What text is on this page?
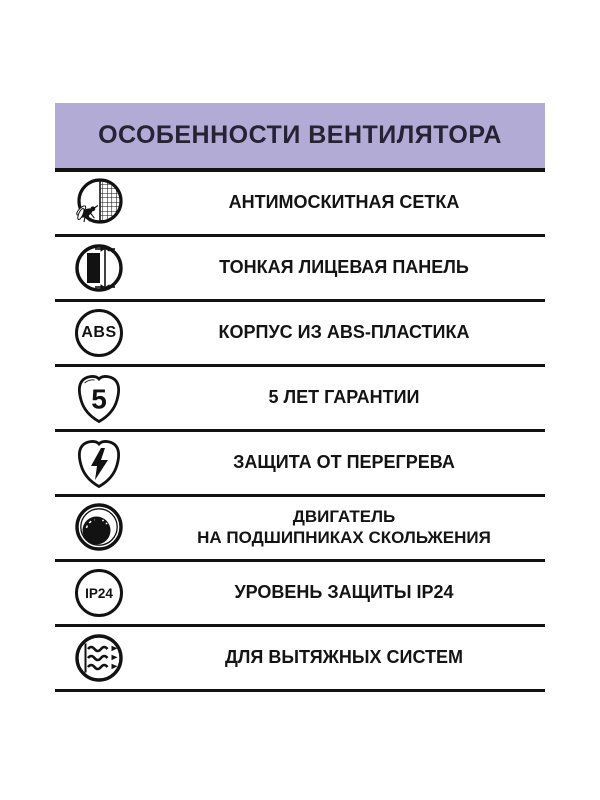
ОСОБЕННОСТИ ВЕНТИЛЯТОРА
АНТИМОСКИТНАЯ СЕТКА
ТОНКАЯ ЛИЦЕВАЯ ПАНЕЛЬ
ABS	КОРПУС ИЗ ABS-ПЛАСТИКА
5	5 ЛЕТ ГАРАНТИИ
ЗАЩИТА ОТ ПЕРЕГРЕВА
ДВИГАТЕЛЬ
НА ПОДШИПНИКАХ СКОЛЬЖЕНИЯ
IP24	УРОВЕНЬ ЗАЩИТЫ IP24
ДЛЯ ВЫТЯЖНЫХ СИСТЕМ
